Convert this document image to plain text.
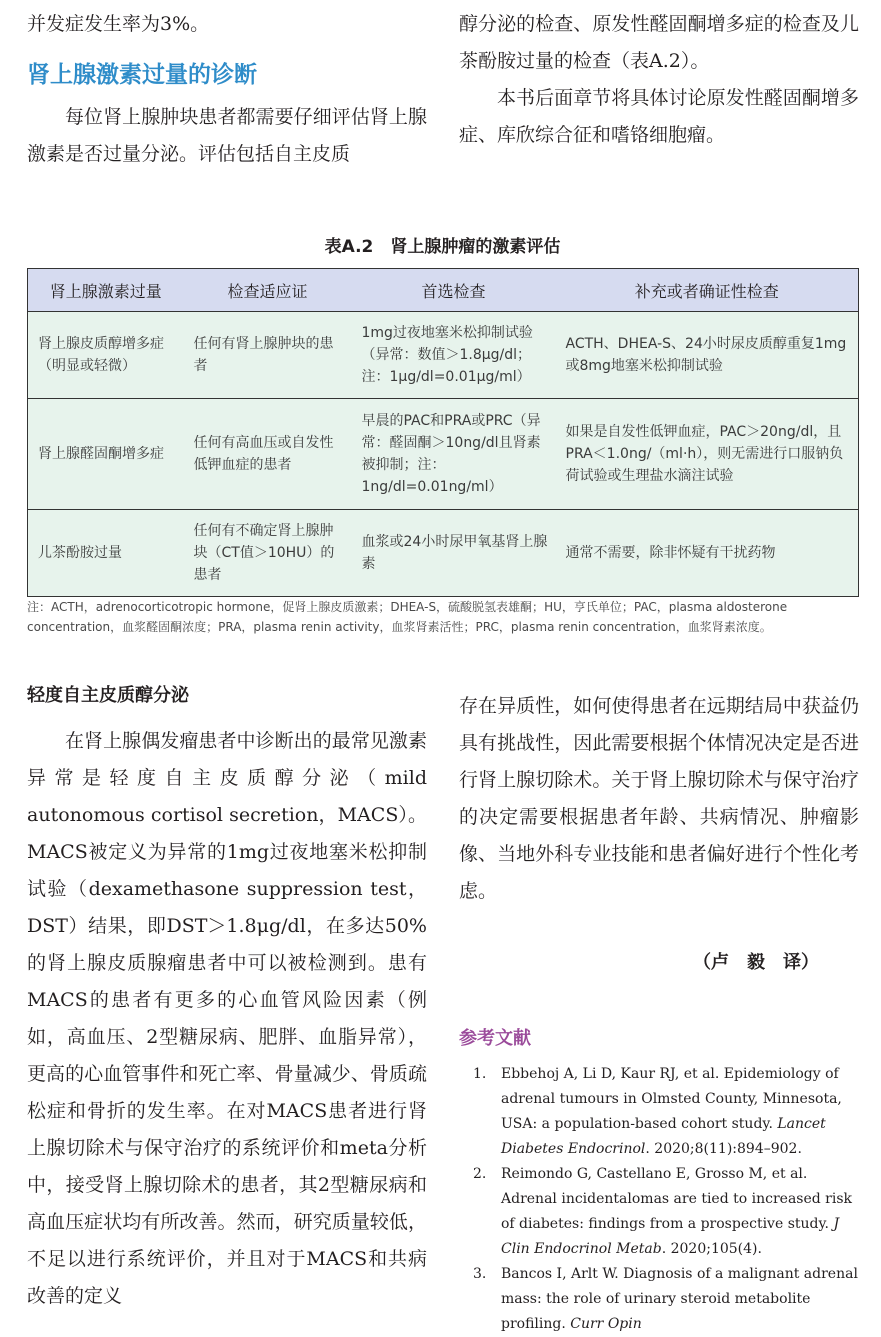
并发症发生率为3%。

肾上腺激素过量的诊断

每位肾上腺肿块患者都需要仔细评估肾上腺激素是否过量分泌。评估包括自主皮质

醇分泌的检查、原发性醛固酮增多症的检查及儿茶酚胺过量的检查（表A.2）。

本书后面章节将具体讨论原发性醛固酮增多症、库欣综合征和嗜铬细胞瘤。

表A.2　肾上腺肿瘤的激素评估
肾上腺激素过量	检查适应证	首选检查	补充或者确证性检查
肾上腺皮质醇增多症（明显或轻微）	任何有肾上腺肿块的患者	1mg过夜地塞米松抑制试验（异常：数值＞1.8μg/dl；注：1μg/dl=0.01μg/ml）	ACTH、DHEA-S、24小时尿皮质醇重复1mg或8mg地塞米松抑制试验
肾上腺醛固酮增多症	任何有高血压或自发性低钾血症的患者	早晨的PAC和PRA或PRC（异常：醛固酮＞10ng/dl且肾素被抑制；注：1ng/dl=0.01ng/ml）	如果是自发性低钾血症，PAC＞20ng/dl，且PRA＜1.0ng/（ml·h），则无需进行口服钠负荷试验或生理盐水滴注试验
儿茶酚胺过量	任何有不确定肾上腺肿块（CT值＞10HU）的患者	血浆或24小时尿甲氧基肾上腺素	通常不需要，除非怀疑有干扰药物
注：ACTH，adrenocorticotropic hormone，促肾上腺皮质激素；DHEA-S，硫酸脱氢表雄酮；HU，亨氏单位；PAC，plasma aldosterone concentration，血浆醛固酮浓度；PRA，plasma renin activity，血浆肾素活性；PRC，plasma renin concentration，血浆肾素浓度。
轻度自主皮质醇分泌

在肾上腺偶发瘤患者中诊断出的最常见激素异常是轻度自主皮质醇分泌（mild autonomous cortisol secretion，MACS）。MACS被定义为异常的1mg过夜地塞米松抑制试验（dexamethasone suppression test，DST）结果，即DST＞1.8μg/dl，在多达50%的肾上腺皮质腺瘤患者中可以被检测到。患有MACS的患者有更多的心血管风险因素（例如，高血压、2型糖尿病、肥胖、血脂异常），更高的心血管事件和死亡率、骨量减少、骨质疏松症和骨折的发生率。在对MACS患者进行肾上腺切除术与保守治疗的系统评价和meta分析中，接受肾上腺切除术的患者，其2型糖尿病和高血压症状均有所改善。然而，研究质量较低，不足以进行系统评价，并且对于MACS和共病改善的定义

存在异质性，如何使得患者在远期结局中获益仍具有挑战性，因此需要根据个体情况决定是否进行肾上腺切除术。关于肾上腺切除术与保守治疗的决定需要根据患者年龄、共病情况、肿瘤影像、当地外科专业技能和患者偏好进行个性化考虑。

（卢　毅　译）
参考文献
1. Ebbehoj A, Li D, Kaur RJ, et al. Epidemiology of adrenal tumours in Olmsted County, Minnesota, USA: a population-based cohort study. Lancet Diabetes Endocrinol. 2020;8(11):894–902.
2. Reimondo G, Castellano E, Grosso M, et al. Adrenal incidentalomas are tied to increased risk of diabetes: findings from a prospective study. J Clin Endocrinol Metab. 2020;105(4).
3. Bancos I, Arlt W. Diagnosis of a malignant adrenal mass: the role of urinary steroid metabolite profiling. Curr Opin
